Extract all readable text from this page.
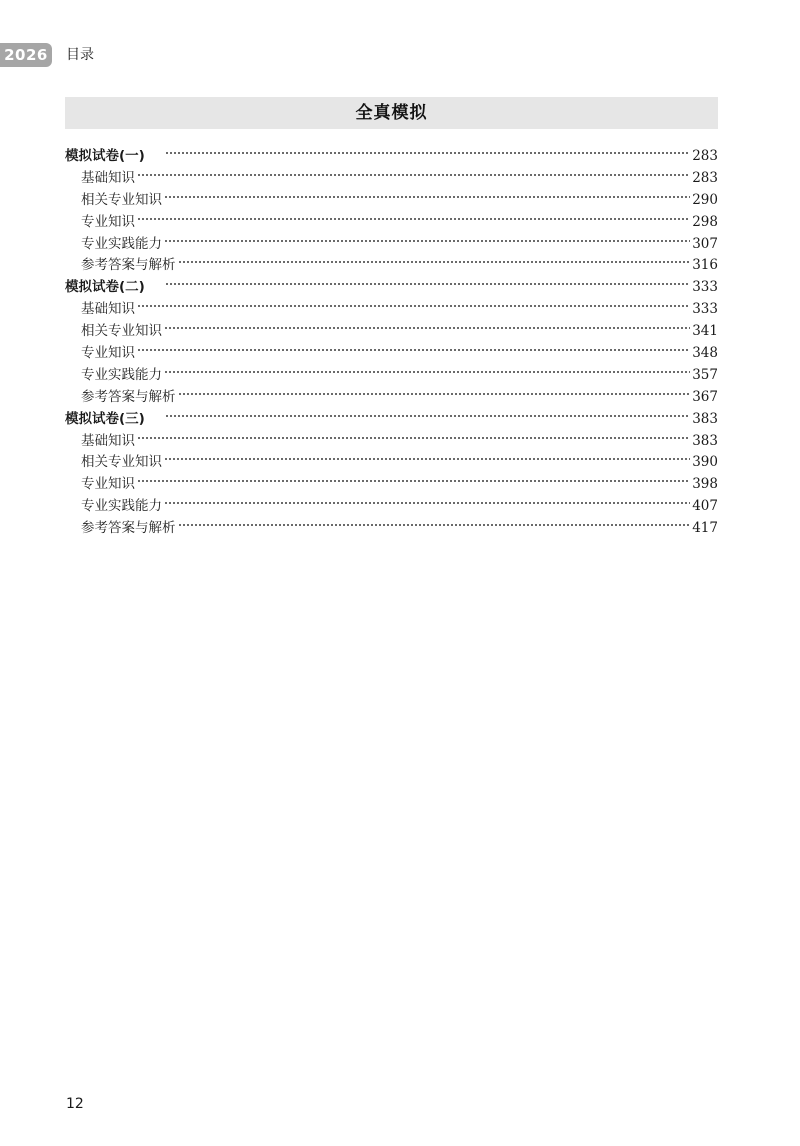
2026 目录
全真模拟
模拟试卷(一)	283
基础知识	283
相关专业知识	290
专业知识	298
专业实践能力	307
参考答案与解析	316
模拟试卷(二)	333
基础知识	333
相关专业知识	341
专业知识	348
专业实践能力	357
参考答案与解析	367
模拟试卷(三)	383
基础知识	383
相关专业知识	390
专业知识	398
专业实践能力	407
参考答案与解析	417
12
